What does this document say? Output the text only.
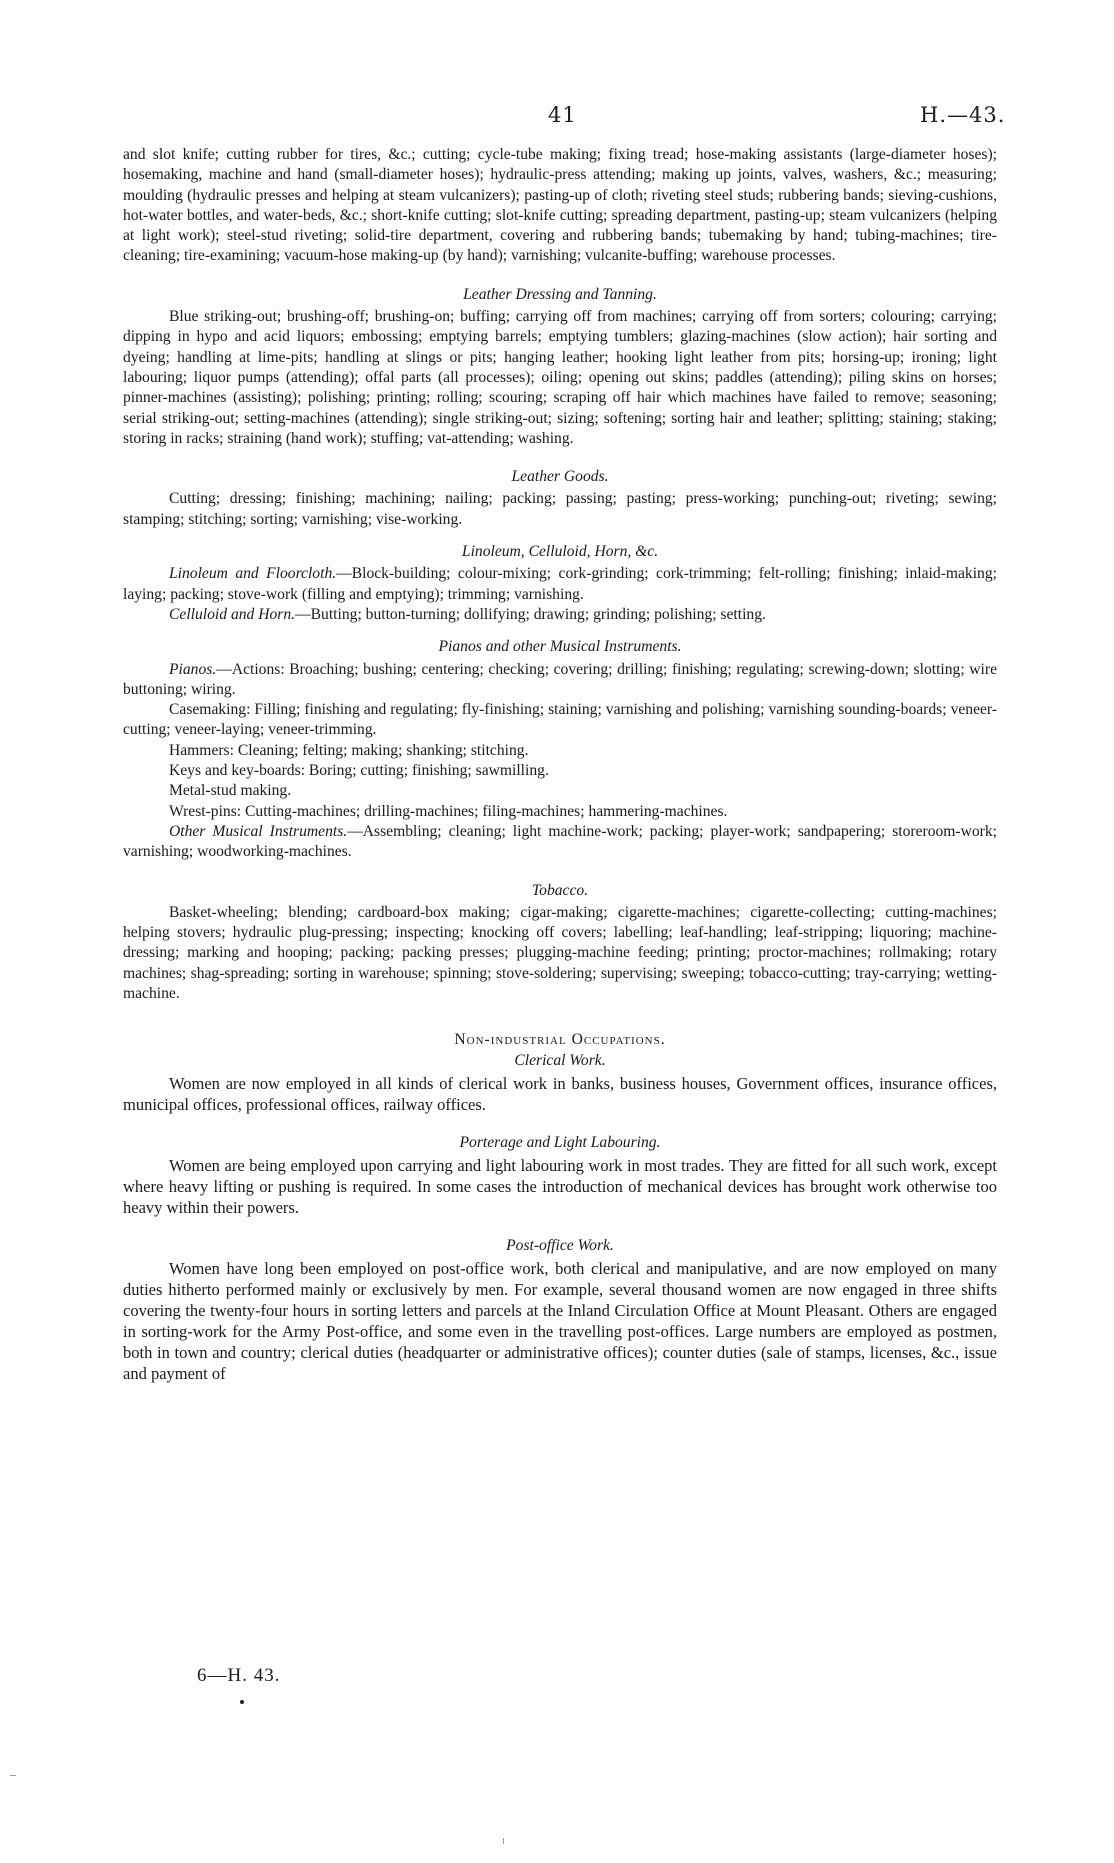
41	H.—43.

and slot knife; cutting rubber for tires, &c.; cutting; cycle-tube making; fixing tread; hose-making assistants (large-diameter hoses); hosemaking, machine and hand (small-diameter hoses); hydraulic-press attending; making up joints, valves, washers, &c.; measuring; moulding (hydraulic presses and helping at steam vulcanizers); pasting-up of cloth; riveting steel studs; rubbering bands; sieving-cushions, hot-water bottles, and water-beds, &c.; short-knife cutting; slot-knife cutting; spreading department, pasting-up; steam vulcanizers (helping at light work); steel-stud riveting; solid-tire department, covering and rubbering bands; tubemaking by hand; tubing-machines; tire-cleaning; tire-examining; vacuum-hose making-up (by hand); varnishing; vulcanite-buffing; warehouse processes.

Leather Dressing and Tanning.

Blue striking-out; brushing-off; brushing-on; buffing; carrying off from machines; carrying off from sorters; colouring; carrying; dipping in hypo and acid liquors; embossing; emptying barrels; emptying tumblers; glazing-machines (slow action); hair sorting and dyeing; handling at lime-pits; handling at slings or pits; hanging leather; hooking light leather from pits; horsing-up; ironing; light labouring; liquor pumps (attending); offal parts (all processes); oiling; opening out skins; paddles (attending); piling skins on horses; pinner-machines (assisting); polishing; printing; rolling; scouring; scraping off hair which machines have failed to remove; seasoning; serial striking-out; setting-machines (attending); single striking-out; sizing; softening; sorting hair and leather; splitting; staining; staking; storing in racks; straining (hand work); stuffing; vat-attending; washing.

Leather Goods.

Cutting; dressing; finishing; machining; nailing; packing; passing; pasting; press-working; punching-out; riveting; sewing; stamping; stitching; sorting; varnishing; vise-working.

Linoleum, Celluloid, Horn, &c.

Linoleum and Floorcloth.—Block-building; colour-mixing; cork-grinding; cork-trimming; felt-rolling; finishing; inlaid-making; laying; packing; stove-work (filling and emptying); trimming; varnishing.

Celluloid and Horn.—Butting; button-turning; dollifying; drawing; grinding; polishing; setting.

Pianos and other Musical Instruments.

Pianos.—Actions: Broaching; bushing; centering; checking; covering; drilling; finishing; regulating; screwing-down; slotting; wire buttoning; wiring.

Casemaking: Filling; finishing and regulating; fly-finishing; staining; varnishing and polishing; varnishing sounding-boards; veneer-cutting; veneer-laying; veneer-trimming.

Hammers: Cleaning; felting; making; shanking; stitching.

Keys and key-boards: Boring; cutting; finishing; sawmilling.

Metal-stud making.

Wrest-pins: Cutting-machines; drilling-machines; filing-machines; hammering-machines.

Other Musical Instruments.—Assembling; cleaning; light machine-work; packing; player-work; sandpapering; storeroom-work; varnishing; woodworking-machines.

Tobacco.

Basket-wheeling; blending; cardboard-box making; cigar-making; cigarette-machines; cigarette-collecting; cutting-machines; helping stovers; hydraulic plug-pressing; inspecting; knocking off covers; labelling; leaf-handling; leaf-stripping; liquoring; machine-dressing; marking and hooping; packing; packing presses; plugging-machine feeding; printing; proctor-machines; rollmaking; rotary machines; shag-spreading; sorting in warehouse; spinning; stove-soldering; supervising; sweeping; tobacco-cutting; tray-carrying; wetting-machine.

Non-industrial Occupations.
Clerical Work.

Women are now employed in all kinds of clerical work in banks, business houses, Government offices, insurance offices, municipal offices, professional offices, railway offices.

Porterage and Light Labouring.

Women are being employed upon carrying and light labouring work in most trades. They are fitted for all such work, except where heavy lifting or pushing is required. In some cases the introduction of mechanical devices has brought work otherwise too heavy within their powers.

Post-office Work.

Women have long been employed on post-office work, both clerical and manipulative, and are now employed on many duties hitherto performed mainly or exclusively by men. For example, several thousand women are now engaged in three shifts covering the twenty-four hours in sorting letters and parcels at the Inland Circulation Office at Mount Pleasant. Others are engaged in sorting-work for the Army Post-office, and some even in the travelling post-offices. Large numbers are employed as postmen, both in town and country; clerical duties (headquarter or administrative offices); counter duties (sale of stamps, licenses, &c., issue and payment of

6—H. 43.
